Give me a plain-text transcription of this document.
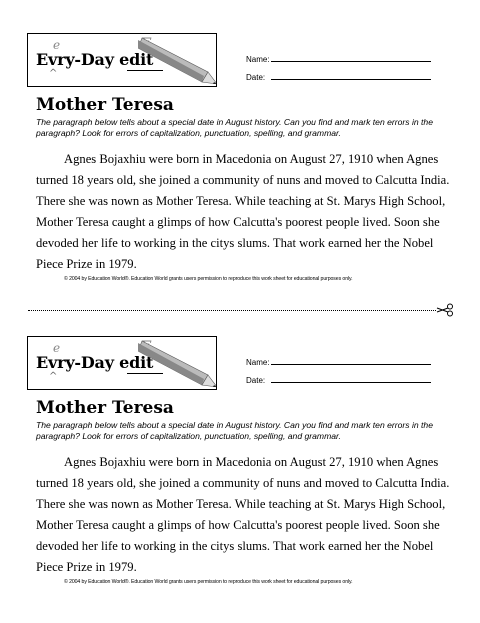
e
Evry-Day edit
^
Name:
Date:
Mother Teresa
The paragraph below tells about a special date in August history. Can you find and mark ten errors in the paragraph? Look for errors of capitalization, punctuation, spelling, and grammar.
Agnes Bojaxhiu were born in Macedonia on August 27, 1910 when Agnes turned 18 years old, she joined a community of nuns and moved to Calcutta India. There she was nown as Mother Teresa. While teaching at St. Marys High School, Mother Teresa caught a glimps of how Calcutta's poorest people lived. Soon she devoded her life to working in the citys slums. That work earned her the Nobel Piece Prize in 1979.
© 2004 by Education World®. Education World grants users permission to reproduce this work sheet for educational purposes only.
e
Evry-Day edit
^
Name:
Date:
Mother Teresa
The paragraph below tells about a special date in August history. Can you find and mark ten errors in the paragraph? Look for errors of capitalization, punctuation, spelling, and grammar.
Agnes Bojaxhiu were born in Macedonia on August 27, 1910 when Agnes turned 18 years old, she joined a community of nuns and moved to Calcutta India. There she was nown as Mother Teresa. While teaching at St. Marys High School, Mother Teresa caught a glimps of how Calcutta's poorest people lived. Soon she devoded her life to working in the citys slums. That work earned her the Nobel Piece Prize in 1979.
© 2004 by Education World®. Education World grants users permission to reproduce this work sheet for educational purposes only.
